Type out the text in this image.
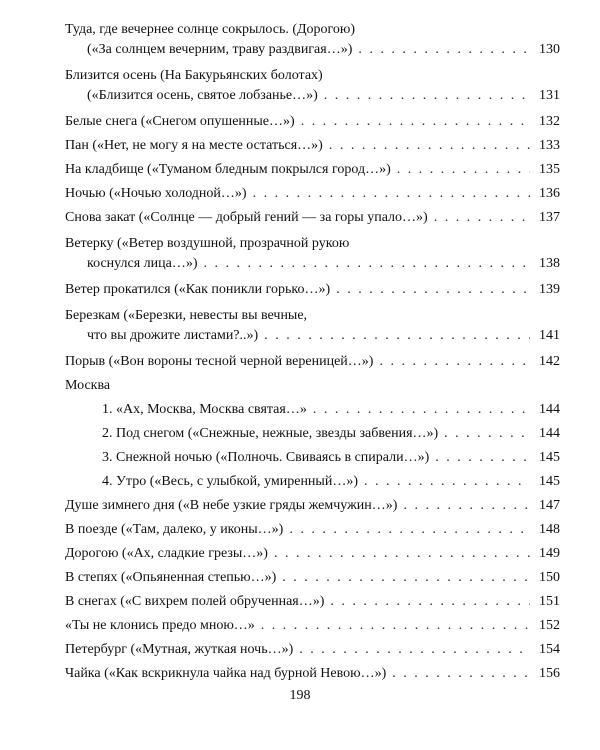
Туда, где вечернее солнце сокрылось. (Дорогою)
(«За солнцем вечерним, траву раздвигая…») . . .	130
Близится осень (На Бакурьянских болотах)
(«Близится осень, святое лобзанье…») . . .	131
Белые снега («Снегом опушенные…») . . .	132
Пан («Нет, не могу я на месте остаться…») . . .	133
На кладбище («Туманом бледным покрылся город…») . . .	135
Ночью («Ночью холодной…») . . .	136
Снова закат («Солнце — добрый гений — за горы упало…») . . .	137
Ветерку («Ветер воздушной, прозрачной рукою
коснулся лица…») . . .	138
Ветер прокатился («Как поникли горько…») . . .	139
Березкам («Березки, невесты вы вечные,
что вы дрожите листами?..») . . .	141
Порыв («Вон вороны тесной черной вереницей…») . . .	142
Москва
1. «Ах, Москва, Москва святая…» . . .	144
2. Под снегом («Снежные, нежные, звезды забвения…») . . .	144
3. Снежной ночью («Полночь. Свиваясь в спирали…») . . .	145
4. Утро («Весь, с улыбкой, умиренный…») . . .	145
Душе зимнего дня («В небе узкие гряды жемчужин…») . . .	147
В поезде («Там, далеко, у иконы…») . . .	148
Дорогою («Ах, сладкие грезы…») . . .	149
В степях («Опьяненная степью…») . . .	150
В снегах («С вихрем полей обрученная…») . . .	151
«Ты не клонись предо мною…» . . .	152
Петербург («Мутная, жуткая ночь…») . . .	154
Чайка («Как вскрикнула чайка над бурной Невою…») . . .	156
198
